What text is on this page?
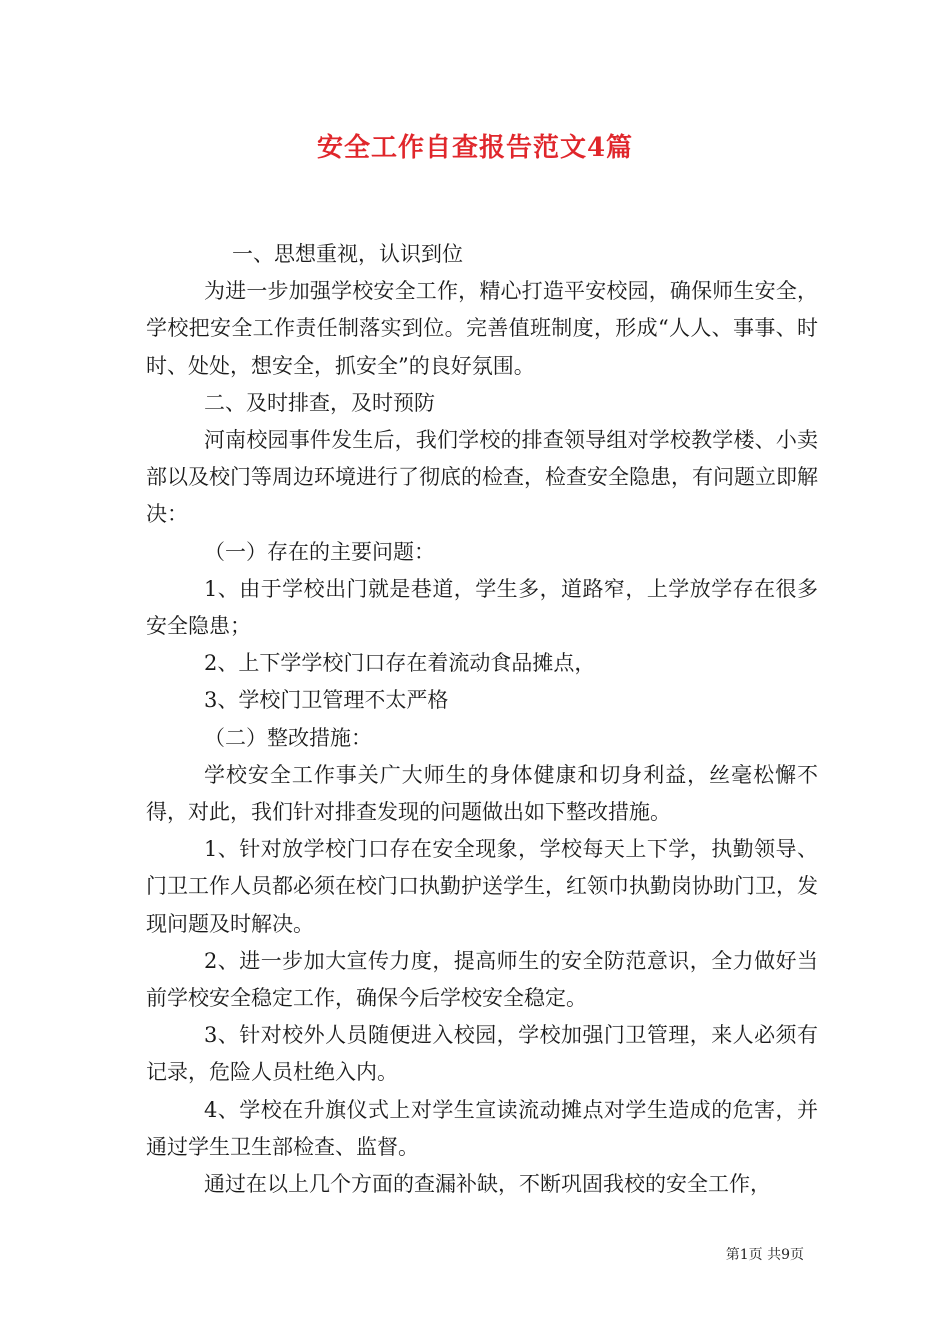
安全工作自查报告范文4篇

一、思想重视，认识到位

为进一步加强学校安全工作，精心打造平安校园，确保师生安全，学校把安全工作责任制落实到位。完善值班制度，形成“人人、事事、时时、处处，想安全，抓安全”的良好氛围。

二、及时排查，及时预防

河南校园事件发生后，我们学校的排查领导组对学校教学楼、小卖部以及校门等周边环境进行了彻底的检查，检查安全隐患，有问题立即解决：

（一）存在的主要问题：

1、由于学校出门就是巷道，学生多，道路窄，上学放学存在很多安全隐患；

2、上下学学校门口存在着流动食品摊点，

3、学校门卫管理不太严格

（二）整改措施：

学校安全工作事关广大师生的身体健康和切身利益，丝毫松懈不得，对此，我们针对排查发现的问题做出如下整改措施。

1、针对放学校门口存在安全现象，学校每天上下学，执勤领导、门卫工作人员都必须在校门口执勤护送学生，红领巾执勤岗协助门卫，发现问题及时解决。

2、进一步加大宣传力度，提高师生的安全防范意识，全力做好当前学校安全稳定工作，确保今后学校安全稳定。

3、针对校外人员随便进入校园，学校加强门卫管理，来人必须有记录，危险人员杜绝入内。

4、学校在升旗仪式上对学生宣读流动摊点对学生造成的危害，并通过学生卫生部检查、监督。

通过在以上几个方面的查漏补缺，不断巩固我校的安全工作，

第1页 共9页
